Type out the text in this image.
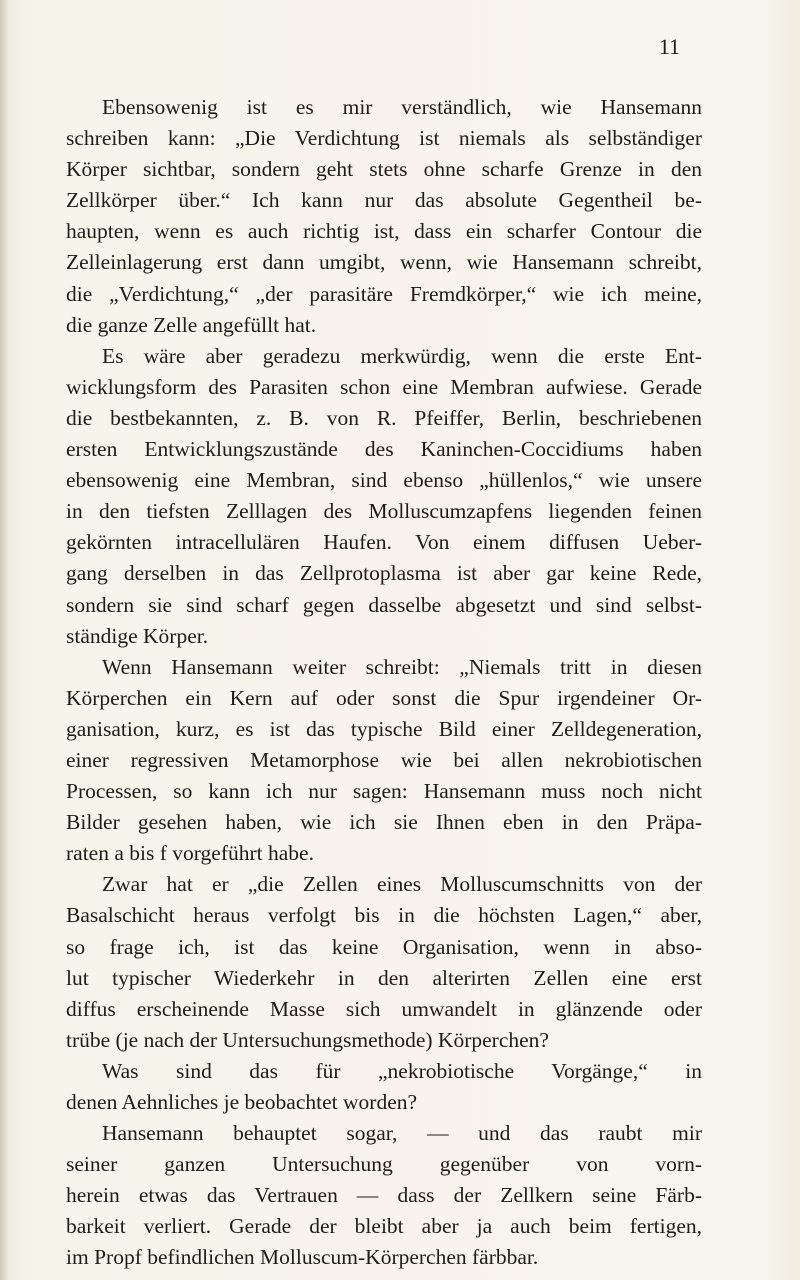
11
Ebensowenig ist es mir verständlich, wie Hansemann
schreiben kann: „Die Verdichtung ist niemals als selbständiger
Körper sichtbar, sondern geht stets ohne scharfe Grenze in den
Zellkörper über.“ Ich kann nur das absolute Gegentheil be-
haupten, wenn es auch richtig ist, dass ein scharfer Contour die
Zelleinlagerung erst dann umgibt, wenn, wie Hansemann schreibt,
die „Verdichtung,“ „der parasitäre Fremdkörper,“ wie ich meine,
die ganze Zelle angefüllt hat.
Es wäre aber geradezu merkwürdig, wenn die erste Ent-
wicklungsform des Parasiten schon eine Membran aufwiese. Gerade
die bestbekannten, z. B. von R. Pfeiffer, Berlin, beschriebenen
ersten Entwicklungszustände des Kaninchen-Coccidiums haben
ebensowenig eine Membran, sind ebenso „hüllenlos,“ wie unsere
in den tiefsten Zelllagen des Molluscumzapfens liegenden feinen
gekörnten intracellulären Haufen. Von einem diffusen Ueber-
gang derselben in das Zellprotoplasma ist aber gar keine Rede,
sondern sie sind scharf gegen dasselbe abgesetzt und sind selbst-
ständige Körper.
Wenn Hansemann weiter schreibt: „Niemals tritt in diesen
Körperchen ein Kern auf oder sonst die Spur irgendeiner Or-
ganisation, kurz, es ist das typische Bild einer Zelldegeneration,
einer regressiven Metamorphose wie bei allen nekrobiotischen
Processen, so kann ich nur sagen: Hansemann muss noch nicht
Bilder gesehen haben, wie ich sie Ihnen eben in den Präpa-
raten a bis f vorgeführt habe.
Zwar hat er „die Zellen eines Molluscumschnitts von der
Basalschicht heraus verfolgt bis in die höchsten Lagen,“ aber,
so frage ich, ist das keine Organisation, wenn in abso-
lut typischer Wiederkehr in den alterirten Zellen eine erst
diffus erscheinende Masse sich umwandelt in glänzende oder
trübe (je nach der Untersuchungsmethode) Körperchen?
Was sind das für „nekrobiotische Vorgänge,“ in
denen Aehnliches je beobachtet worden?
Hansemann behauptet sogar, — und das raubt mir
seiner ganzen Untersuchung gegenüber von vorn-
herein etwas das Vertrauen — dass der Zellkern seine Färb-
barkeit verliert. Gerade der bleibt aber ja auch beim fertigen,
im Propf befindlichen Molluscum-Körperchen färbbar.
